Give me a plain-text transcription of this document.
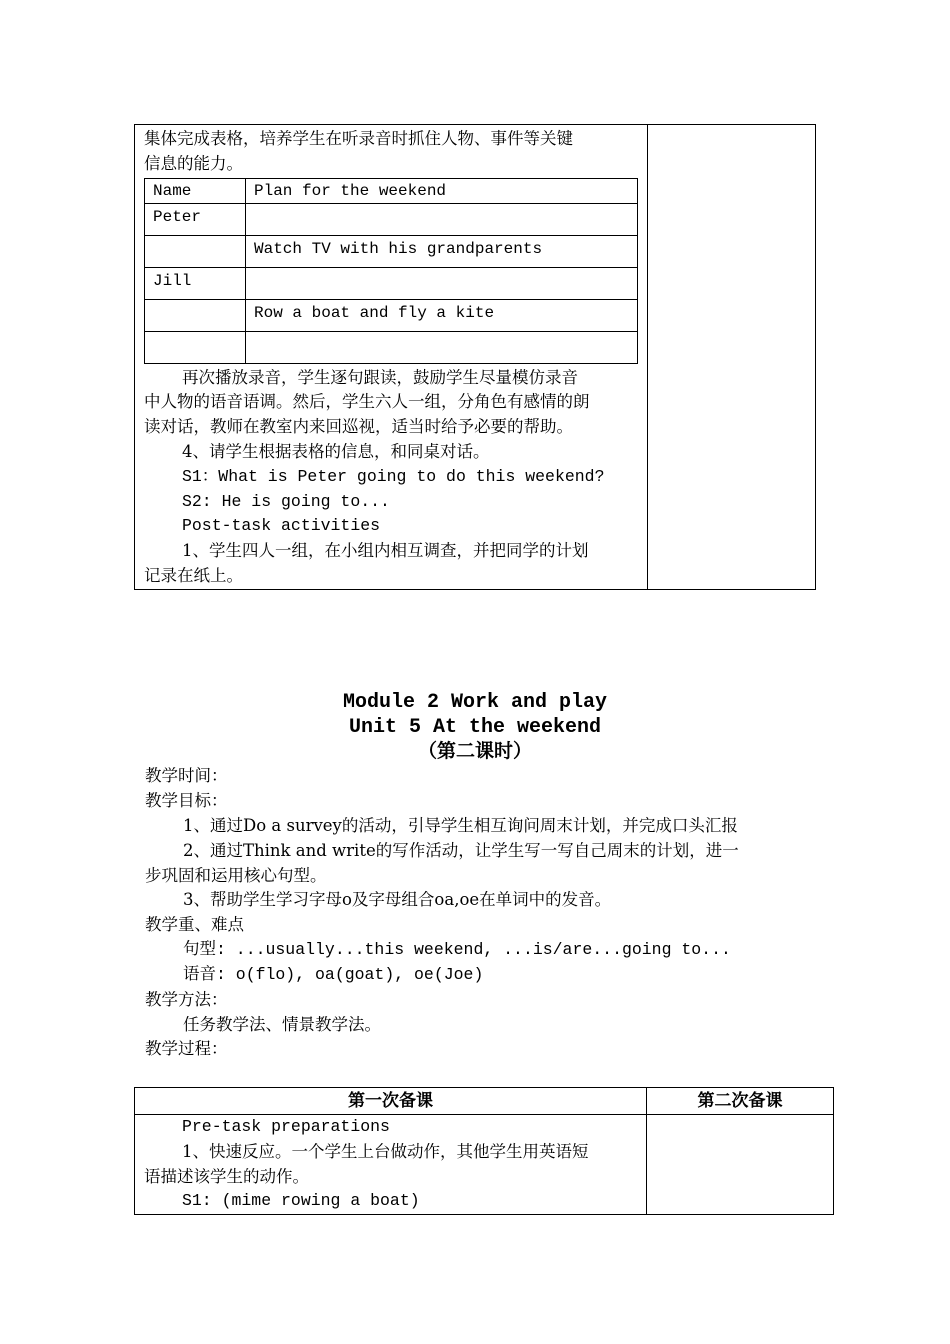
集体完成表格，培养学生在听录音时抓住人物、事件等关键

信息的能力。

Name	Plan for the weekend
Peter	
	Watch TV with his grandparents
Jill	
	Row a boat and fly a kite

再次播放录音，学生逐句跟读，鼓励学生尽量模仿录音

中人物的语音语调。然后，学生六人一组，分角色有感情的朗

读对话，教师在教室内来回巡视，适当时给予必要的帮助。

4、请学生根据表格的信息，和同桌对话。

S1：What is Peter going to do this weekend?

S2: He is going to...

Post-task activities

1、学生四人一组，在小组内相互调查，并把同学的计划

记录在纸上。

Module 2 Work and play
Unit 5 At the weekend
（第二课时）
教学时间：
教学目标：
1、通过Do a survey的活动，引导学生相互询问周末计划，并完成口头汇报
2、通过Think and write的写作活动，让学生写一写自己周末的计划，进一
步巩固和运用核心句型。
3、帮助学生学习字母o及字母组合oa,oe在单词中的发音。
教学重、难点
句型: ...usually...this weekend, ...is/are...going to...
语音: o(flo), oa(goat), oe(Joe)
教学方法：
任务教学法、情景教学法。
教学过程：
第一次备课	第二次备课

Pre-task preparations

1、快速反应。一个学生上台做动作，其他学生用英语短

语描述该学生的动作。

S1: (mime rowing a boat)	
